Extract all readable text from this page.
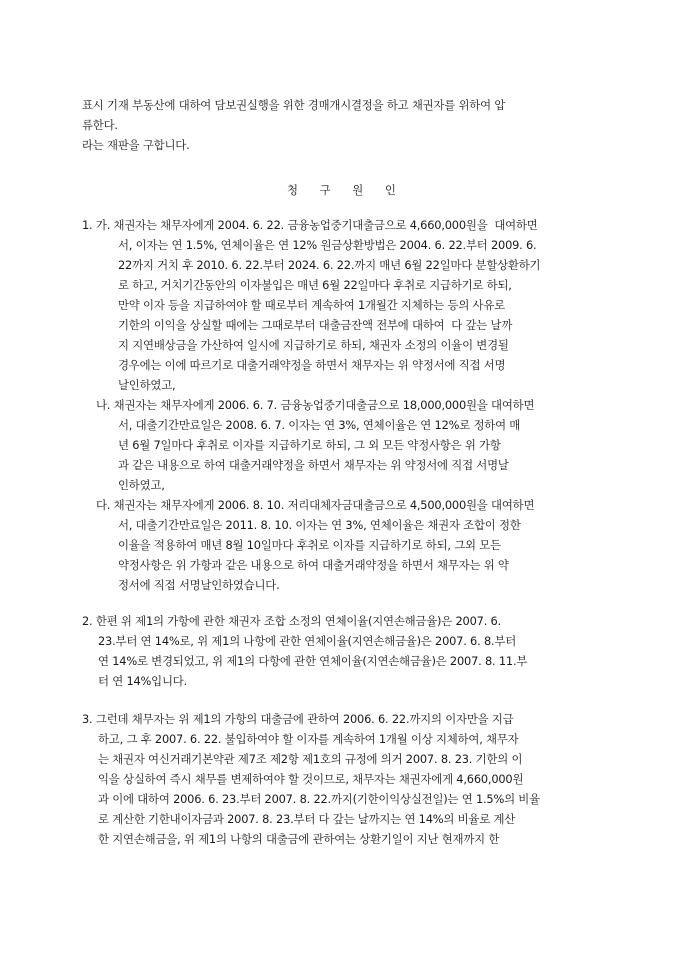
표시 기재 부동산에 대하여 담보권실행을 위한 경매개시결정을 하고 채권자를 위하여 압
류한다.
라는 재판을 구합니다.
청 구 원 인
1. 가. 채권자는 채무자에게 2004. 6. 22. 금융농업중기대출금으로 4,660,000원을  대여하면
서, 이자는 연 1.5%, 연체이율은 연 12% 원금상환방법은 2004. 6. 22.부터 2009. 6.
22까지 거치 후 2010. 6. 22.부터 2024. 6. 22.까지 매년 6월 22일마다 분할상환하기
로 하고, 거치기간동안의 이자불입은 매년 6월 22일마다 후취로 지급하기로 하되,
만약 이자 등을 지급하여야 할 때로부터 계속하여 1개월간 지체하는 등의 사유로
기한의 이익을 상실할 때에는 그때로부터 대출금잔액 전부에 대하여  다 갚는 날까
지 지연배상금을 가산하여 일시에 지급하기로 하되, 채권자 소정의 이율이 변경될
경우에는 이에 따르기로 대출거래약정을 하면서 채무자는 위 약정서에 직접 서명
날인하였고,
나. 채권자는 채무자에게 2006. 6. 7. 금융농업중기대출금으로 18,000,000원을 대여하면
서, 대출기간만료일은 2008. 6. 7. 이자는 연 3%, 연체이율은 연 12%로 정하여 매
년 6월 7일마다 후취로 이자를 지급하기로 하되, 그 외 모든 약정사항은 위 가항
과 같은 내용으로 하여 대출거래약정을 하면서 채무자는 위 약정서에 직접 서명날
인하였고,
다. 채권자는 채무자에게 2006. 8. 10. 저리대체자금대출금으로 4,500,000원을 대여하면
서, 대출기간만료일은 2011. 8. 10. 이자는 연 3%, 연체이율은 채권자 조합이 정한
이율을 적용하여 매년 8월 10일마다 후취로 이자를 지급하기로 하되, 그외 모든
약정사항은 위 가항과 같은 내용으로 하여 대출거래약정을 하면서 채무자는 위 약
정서에 직접 서명날인하였습니다.
2. 한편 위 제1의 가항에 관한 채권자 조합 소정의 연체이율(지연손해금율)은 2007. 6.
23.부터 연 14%로, 위 제1의 나항에 관한 연체이율(지연손해금율)은 2007. 6. 8.부터
연 14%로 변경되었고, 위 제1의 다항에 관한 연체이율(지연손해금율)은 2007. 8. 11.부
터 연 14%입니다.
3. 그런데 채무자는 위 제1의 가항의 대출금에 관하여 2006. 6. 22.까지의 이자만을 지급
하고, 그 후 2007. 6. 22. 불입하여야 할 이자를 계속하여 1개월 이상 지체하여, 채무자
는 채권자 여신거래기본약관 제7조 제2항 제1호의 규정에 의거 2007. 8. 23. 기한의 이
익을 상실하여 즉시 채무를 변제하여야 할 것이므로, 채무자는 채권자에게 4,660,000원
과 이에 대하여 2006. 6. 23.부터 2007. 8. 22.까지(기한이익상실전일)는 연 1.5%의 비율
로 계산한 기한내이자금과 2007. 8. 23.부터 다 갚는 날까지는 연 14%의 비율로 계산
한 지연손해금을, 위 제1의 나항의 대출금에 관하여는 상환기일이 지난 현재까지 한
